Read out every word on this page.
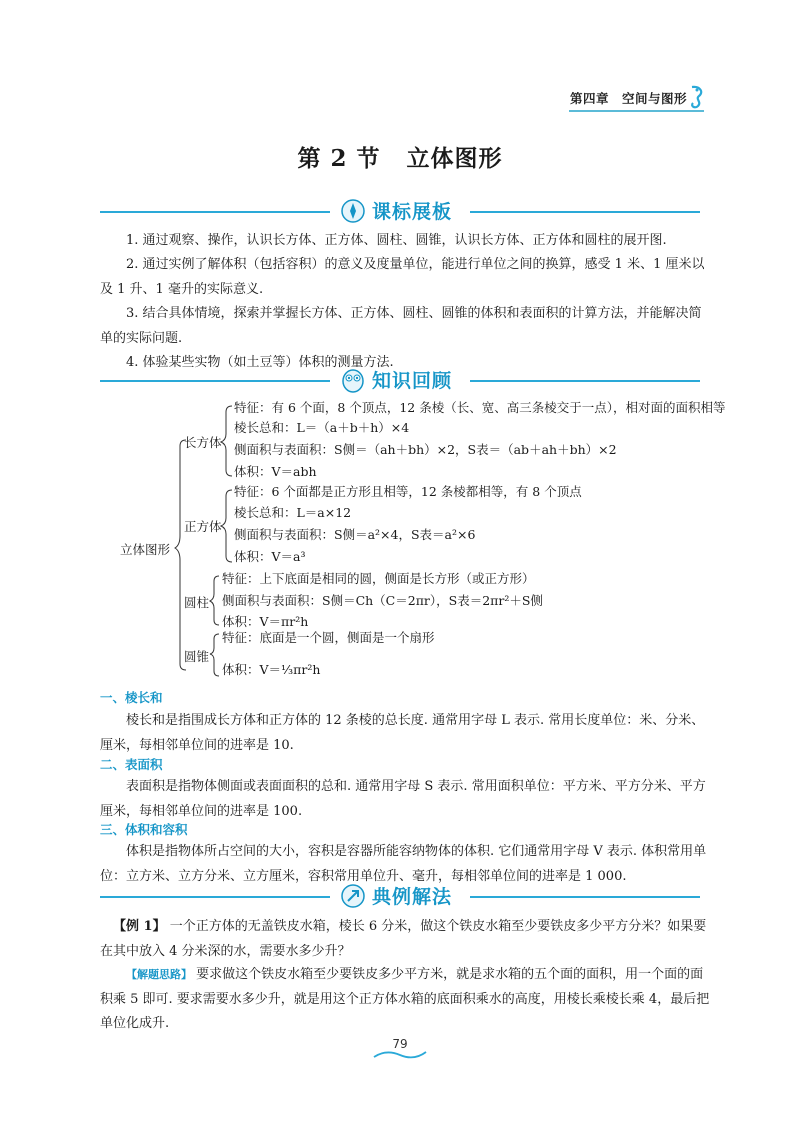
第四章　空间与图形
第 2 节 立体图形
课标展板
1. 通过观察、操作，认识长方体、正方体、圆柱、圆锥，认识长方体、正方体和圆柱的展开图.
2. 通过实例了解体积（包括容积）的意义及度量单位，能进行单位之间的换算，感受 1 米、1 厘米以及 1 升、1 毫升的实际意义.
3. 结合具体情境，探索并掌握长方体、正方体、圆柱、圆锥的体积和表面积的计算方法，并能解决简单的实际问题.
4. 体验某些实物（如土豆等）体积的测量方法.
知识回顾
立体图形
长方体
特征：有 6 个面，8 个顶点，12 条棱（长、宽、高三条棱交于一点），相对面的面积相等
棱长总和：L＝（a＋b＋h）×4
侧面积与表面积：S侧＝（ah＋bh）×2，S表＝（ab＋ah＋bh）×2
体积：V＝abh
正方体
特征：6 个面都是正方形且相等，12 条棱都相等，有 8 个顶点
棱长总和：L＝a×12
侧面积与表面积：S侧＝a²×4，S表＝a²×6
体积：V＝a³
圆柱
特征：上下底面是相同的圆，侧面是长方形（或正方形）
侧面积与表面积：S侧＝Ch（C＝2πr），S表＝2πr²＋S侧
体积：V＝πr²h
圆锥
特征：底面是一个圆，侧面是一个扇形
体积：V＝⅓πr²h
一、棱长和
棱长和是指围成长方体和正方体的 12 条棱的总长度. 通常用字母 L 表示. 常用长度单位：米、分米、厘米，每相邻单位间的进率是 10.
二、表面积
表面积是指物体侧面或表面面积的总和. 通常用字母 S 表示. 常用面积单位：平方米、平方分米、平方厘米，每相邻单位间的进率是 100.
三、体积和容积
体积是指物体所占空间的大小，容积是容器所能容纳物体的体积. 它们通常用字母 V 表示. 体积常用单位：立方米、立方分米、立方厘米，容积常用单位升、毫升，每相邻单位间的进率是 1 000.
典例解法
【例 1】 一个正方体的无盖铁皮水箱，棱长 6 分米，做这个铁皮水箱至少要铁皮多少平方分米？如果要在其中放入 4 分米深的水，需要水多少升？
【解题思路】 要求做这个铁皮水箱至少要铁皮多少平方米，就是求水箱的五个面的面积，用一个面的面积乘 5 即可. 要求需要水多少升，就是用这个正方体水箱的底面积乘水的高度，用棱长乘棱长乘 4，最后把单位化成升.
79
